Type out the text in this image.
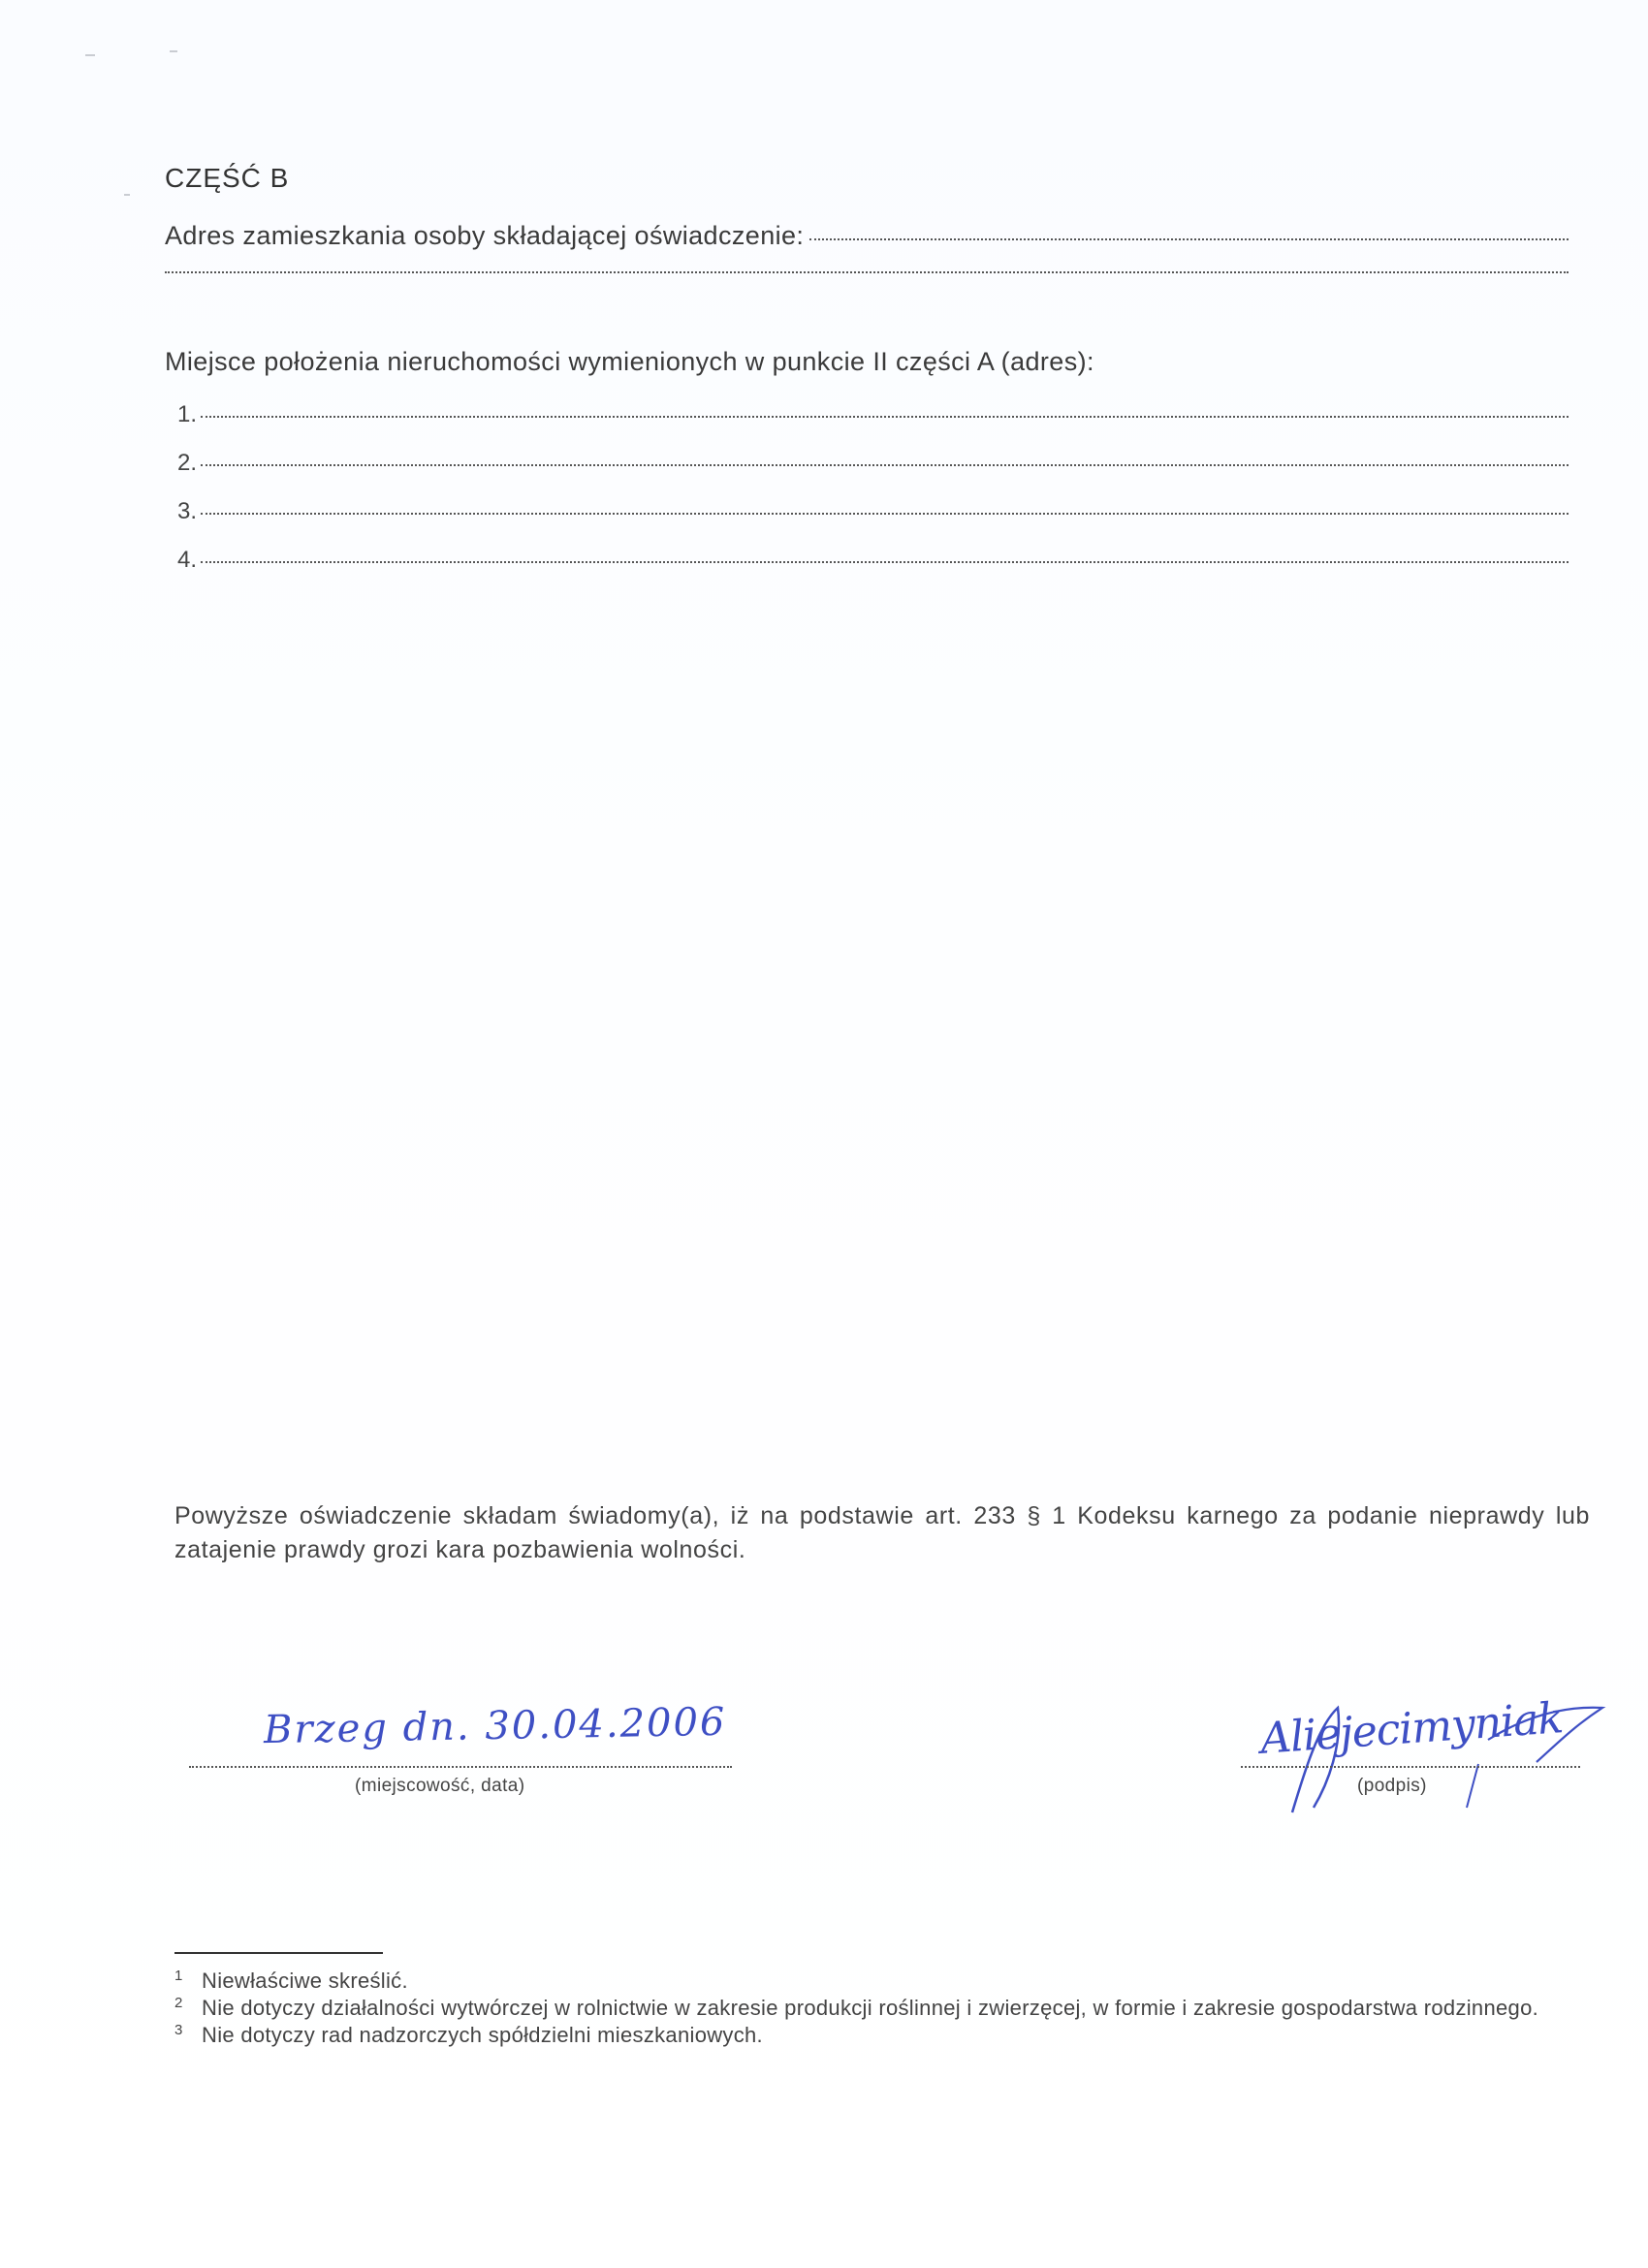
CZĘŚĆ B
Adres zamieszkania osoby składającej oświadczenie:
Miejsce położenia nieruchomości wymienionych w punkcie II części A (adres):
1.
2.
3.
4.
Powyższe oświadczenie składam świadomy(a), iż na podstawie art. 233 § 1 Kodeksu karnego za podanie nieprawdy lub zatajenie prawdy grozi kara pozbawienia wolności.
Brzeg dn. 30.04.2006
(miejscowość, data)
Aliejecimyniak
(podpis)
1 Niewłaściwe skreślić.
2 Nie dotyczy działalności wytwórczej w rolnictwie w zakresie produkcji roślinnej i zwierzęcej, w formie i zakresie gospodarstwa rodzinnego.
3 Nie dotyczy rad nadzorczych spółdzielni mieszkaniowych.
